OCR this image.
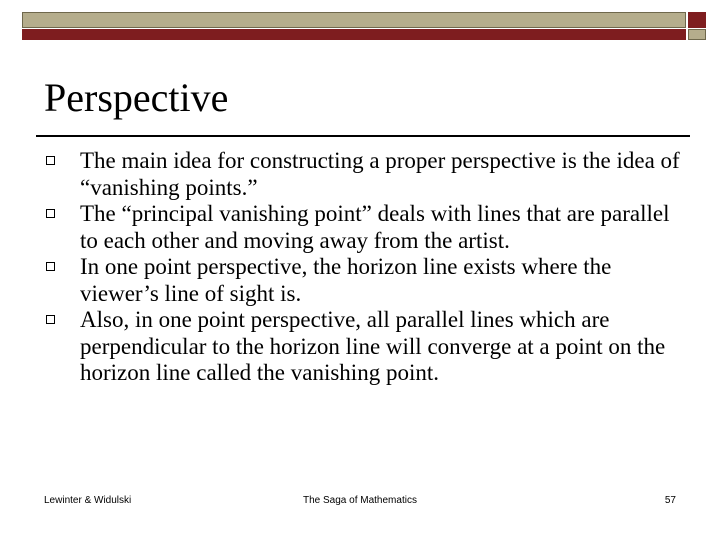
Perspective
The main idea for constructing a proper perspective is the idea of “vanishing points.”
The “principal vanishing point” deals with lines that are parallel to each other and moving away from the artist.
In one point perspective, the horizon line exists where the viewer’s line of sight is.
Also, in one point perspective, all parallel lines which are perpendicular to the horizon line will converge at a point on the horizon line called the vanishing point.
Lewinter & Widulski	The Saga of Mathematics	57
